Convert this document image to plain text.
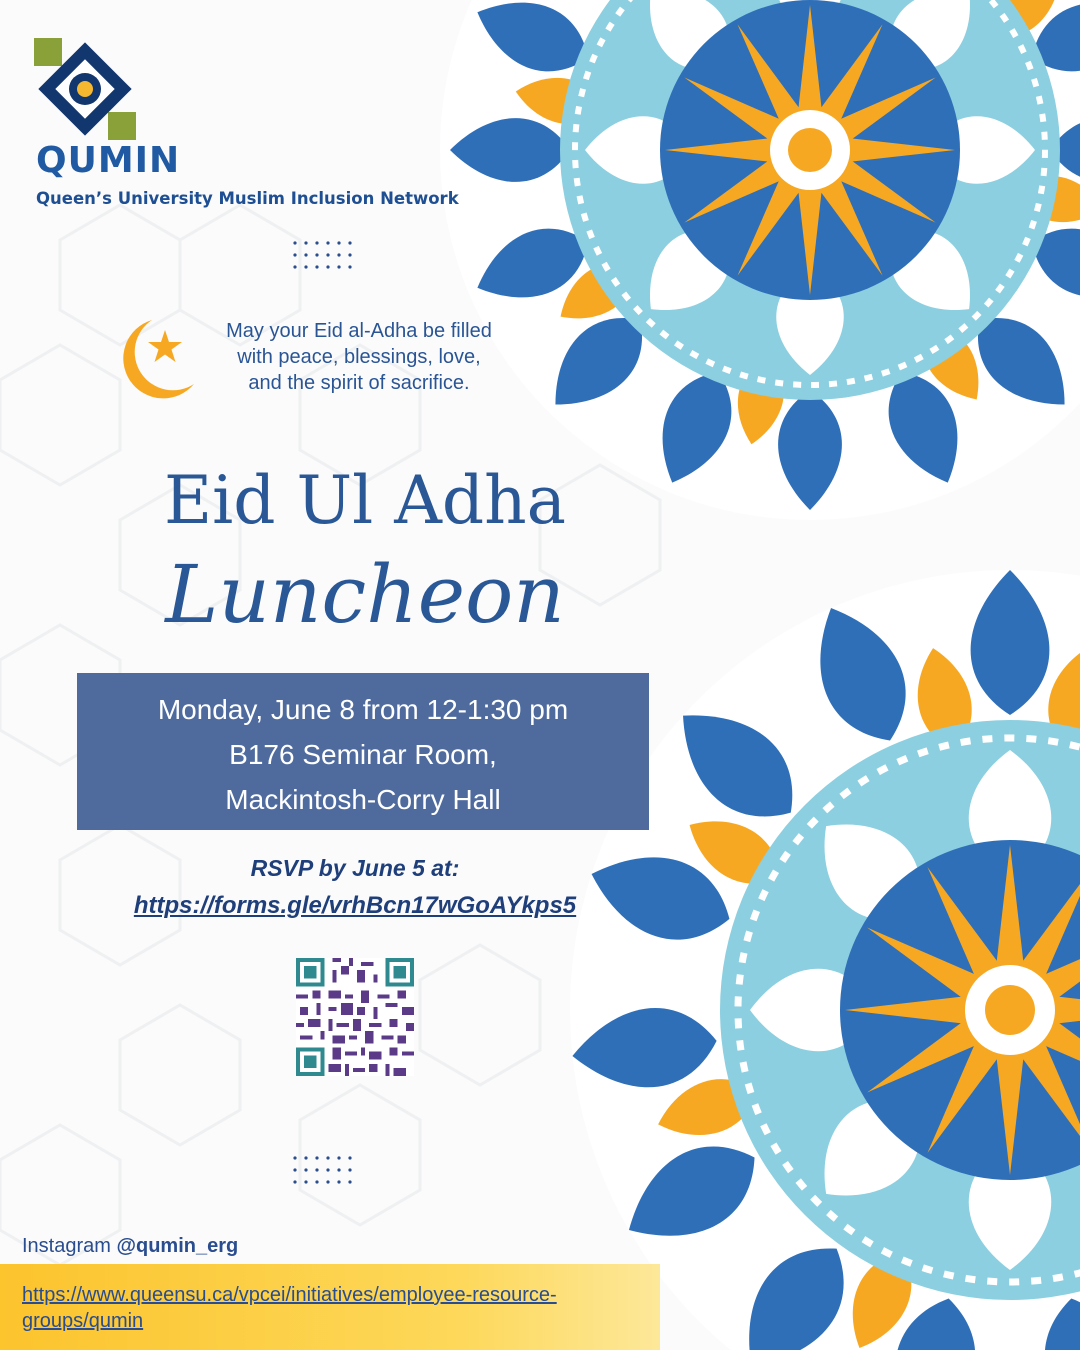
QUMIN
Queen’s University Muslim Inclusion Network
May your Eid al-Adha be filled with peace, blessings, love, and the spirit of sacrifice.
Eid Ul Adha
Luncheon
Monday, June 8 from 12-1:30 pm
B176 Seminar Room,
Mackintosh-Corry Hall
RSVP by June 5 at:
https://forms.gle/vrhBcn17wGoAYkps5
Instagram @qumin_erg
https://www.queensu.ca/vpcei/initiatives/employee-resource-groups/qumin
